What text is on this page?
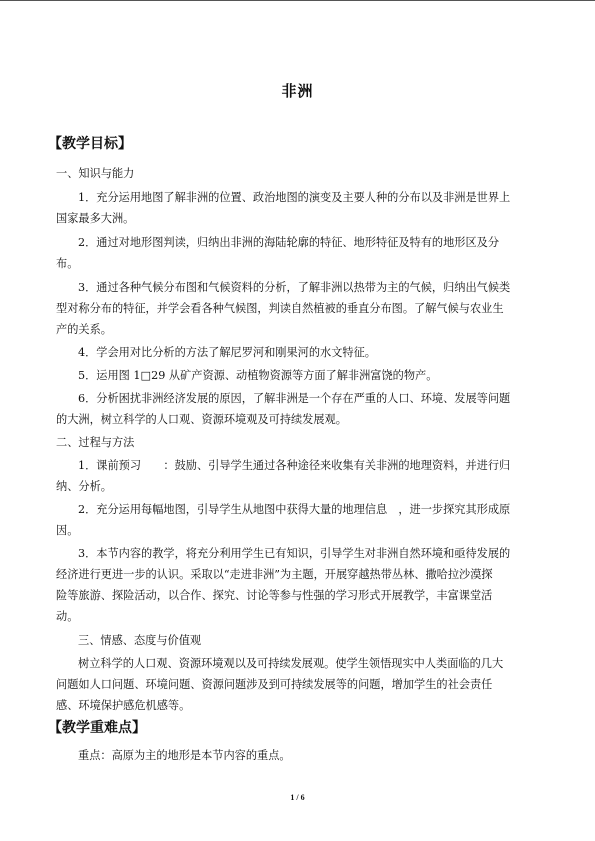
非洲
【教学目标】
一、知识与能力
1．充分运用地图了解非洲的位置、政治地图的演变及主要人种的分布以及非洲是世界上
国家最多大洲。
2．通过对地形图判读，归纳出非洲的海陆轮廓的特征、地形特征及特有的地形区及分
布。
3．通过各种气候分布图和气候资料的分析，了解非洲以热带为主的气候，归纳出气候类
型对称分布的特征，并学会看各种气候图，判读自然植被的垂直分布图。了解气候与农业生
产的关系。
4．学会用对比分析的方法了解尼罗河和刚果河的水文特征。
5．运用图 1□29 从矿产资源、动植物资源等方面了解非洲富饶的物产。
6．分析困扰非洲经济发展的原因，了解非洲是一个存在严重的人口、环境、发展等问题
的大洲，树立科学的人口观、资源环境观及可持续发展观。
二、过程与方法
1．课前预习　　：鼓励、引导学生通过各种途径来收集有关非洲的地理资料，并进行归
纳、分析。
2．充分运用每幅地图，引导学生从地图中获得大量的地理信息　，进一步探究其形成原
因。
3．本节内容的教学，将充分利用学生已有知识，引导学生对非洲自然环境和亟待发展的
经济进行更进一步的认识。采取以“走进非洲”为主题，开展穿越热带丛林、撒哈拉沙漠探
险等旅游、探险活动，以合作、探究、讨论等参与性强的学习形式开展教学，丰富课堂活
动。
三、情感、态度与价值观
树立科学的人口观、资源环境观以及可持续发展观。使学生领悟现实中人类面临的几大
问题如人口问题、环境问题、资源问题涉及到可持续发展等的问题，增加学生的社会责任
感、环境保护感危机感等。
【教学重难点】
重点：高原为主的地形是本节内容的重点。
1 / 6
